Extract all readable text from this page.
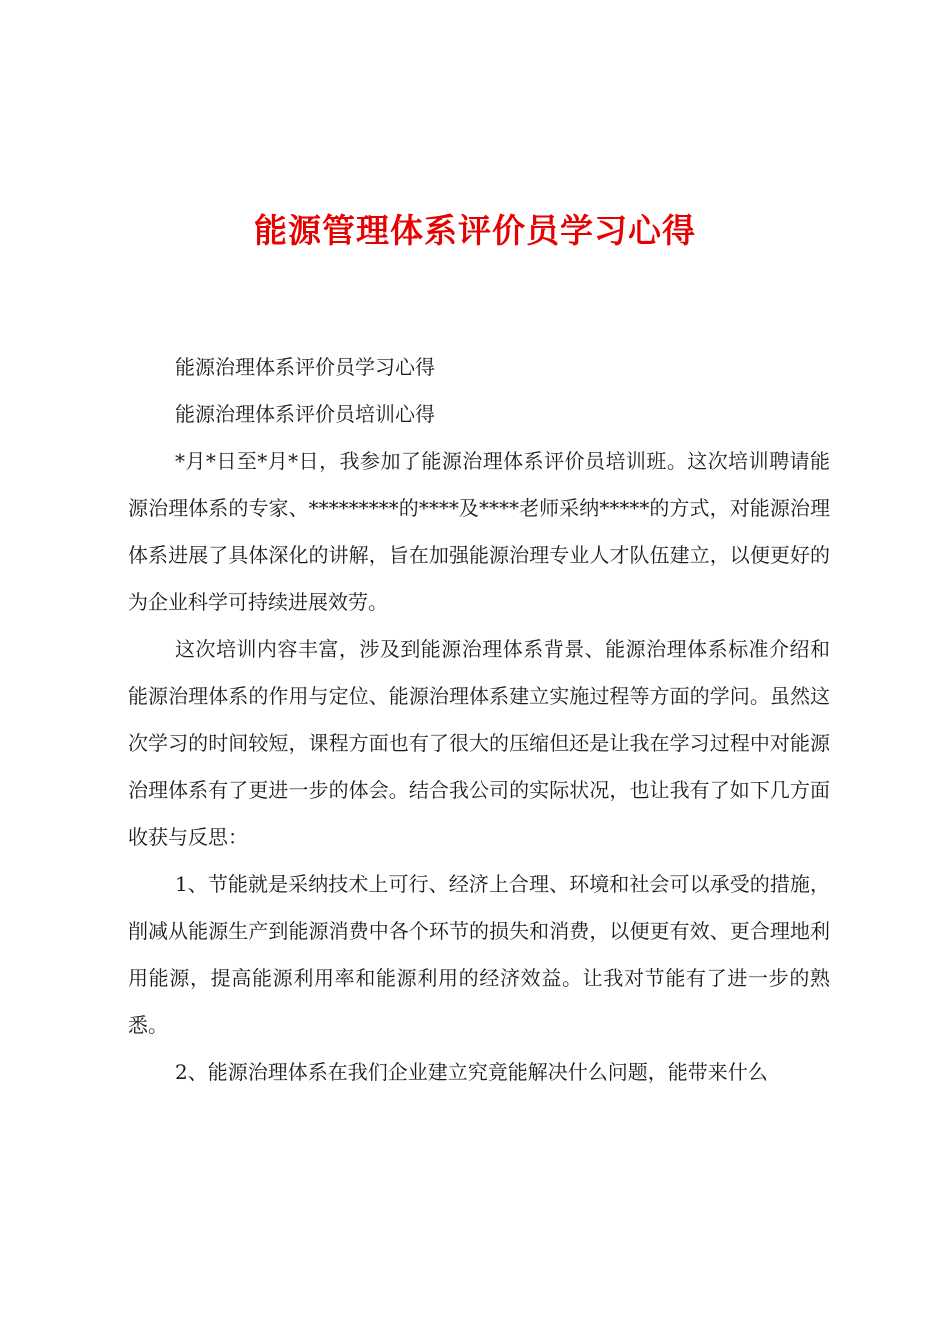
能源管理体系评价员学习心得

能源治理体系评价员学习心得

能源治理体系评价员培训心得

*月*日至*月*日，我参加了能源治理体系评价员培训班。这次培训聘请能源治理体系的专家、*********的****及****老师采纳*****的方式，对能源治理体系进展了具体深化的讲解，旨在加强能源治理专业人才队伍建立，以便更好的为企业科学可持续进展效劳。

这次培训内容丰富，涉及到能源治理体系背景、能源治理体系标准介绍和能源治理体系的作用与定位、能源治理体系建立实施过程等方面的学问。虽然这次学习的时间较短，课程方面也有了很大的压缩但还是让我在学习过程中对能源治理体系有了更进一步的体会。结合我公司的实际状况，也让我有了如下几方面收获与反思：

1、节能就是采纳技术上可行、经济上合理、环境和社会可以承受的措施，削减从能源生产到能源消费中各个环节的损失和消费，以便更有效、更合理地利用能源，提高能源利用率和能源利用的经济效益。让我对节能有了进一步的熟悉。

2、能源治理体系在我们企业建立究竟能解决什么问题，能带来什么
